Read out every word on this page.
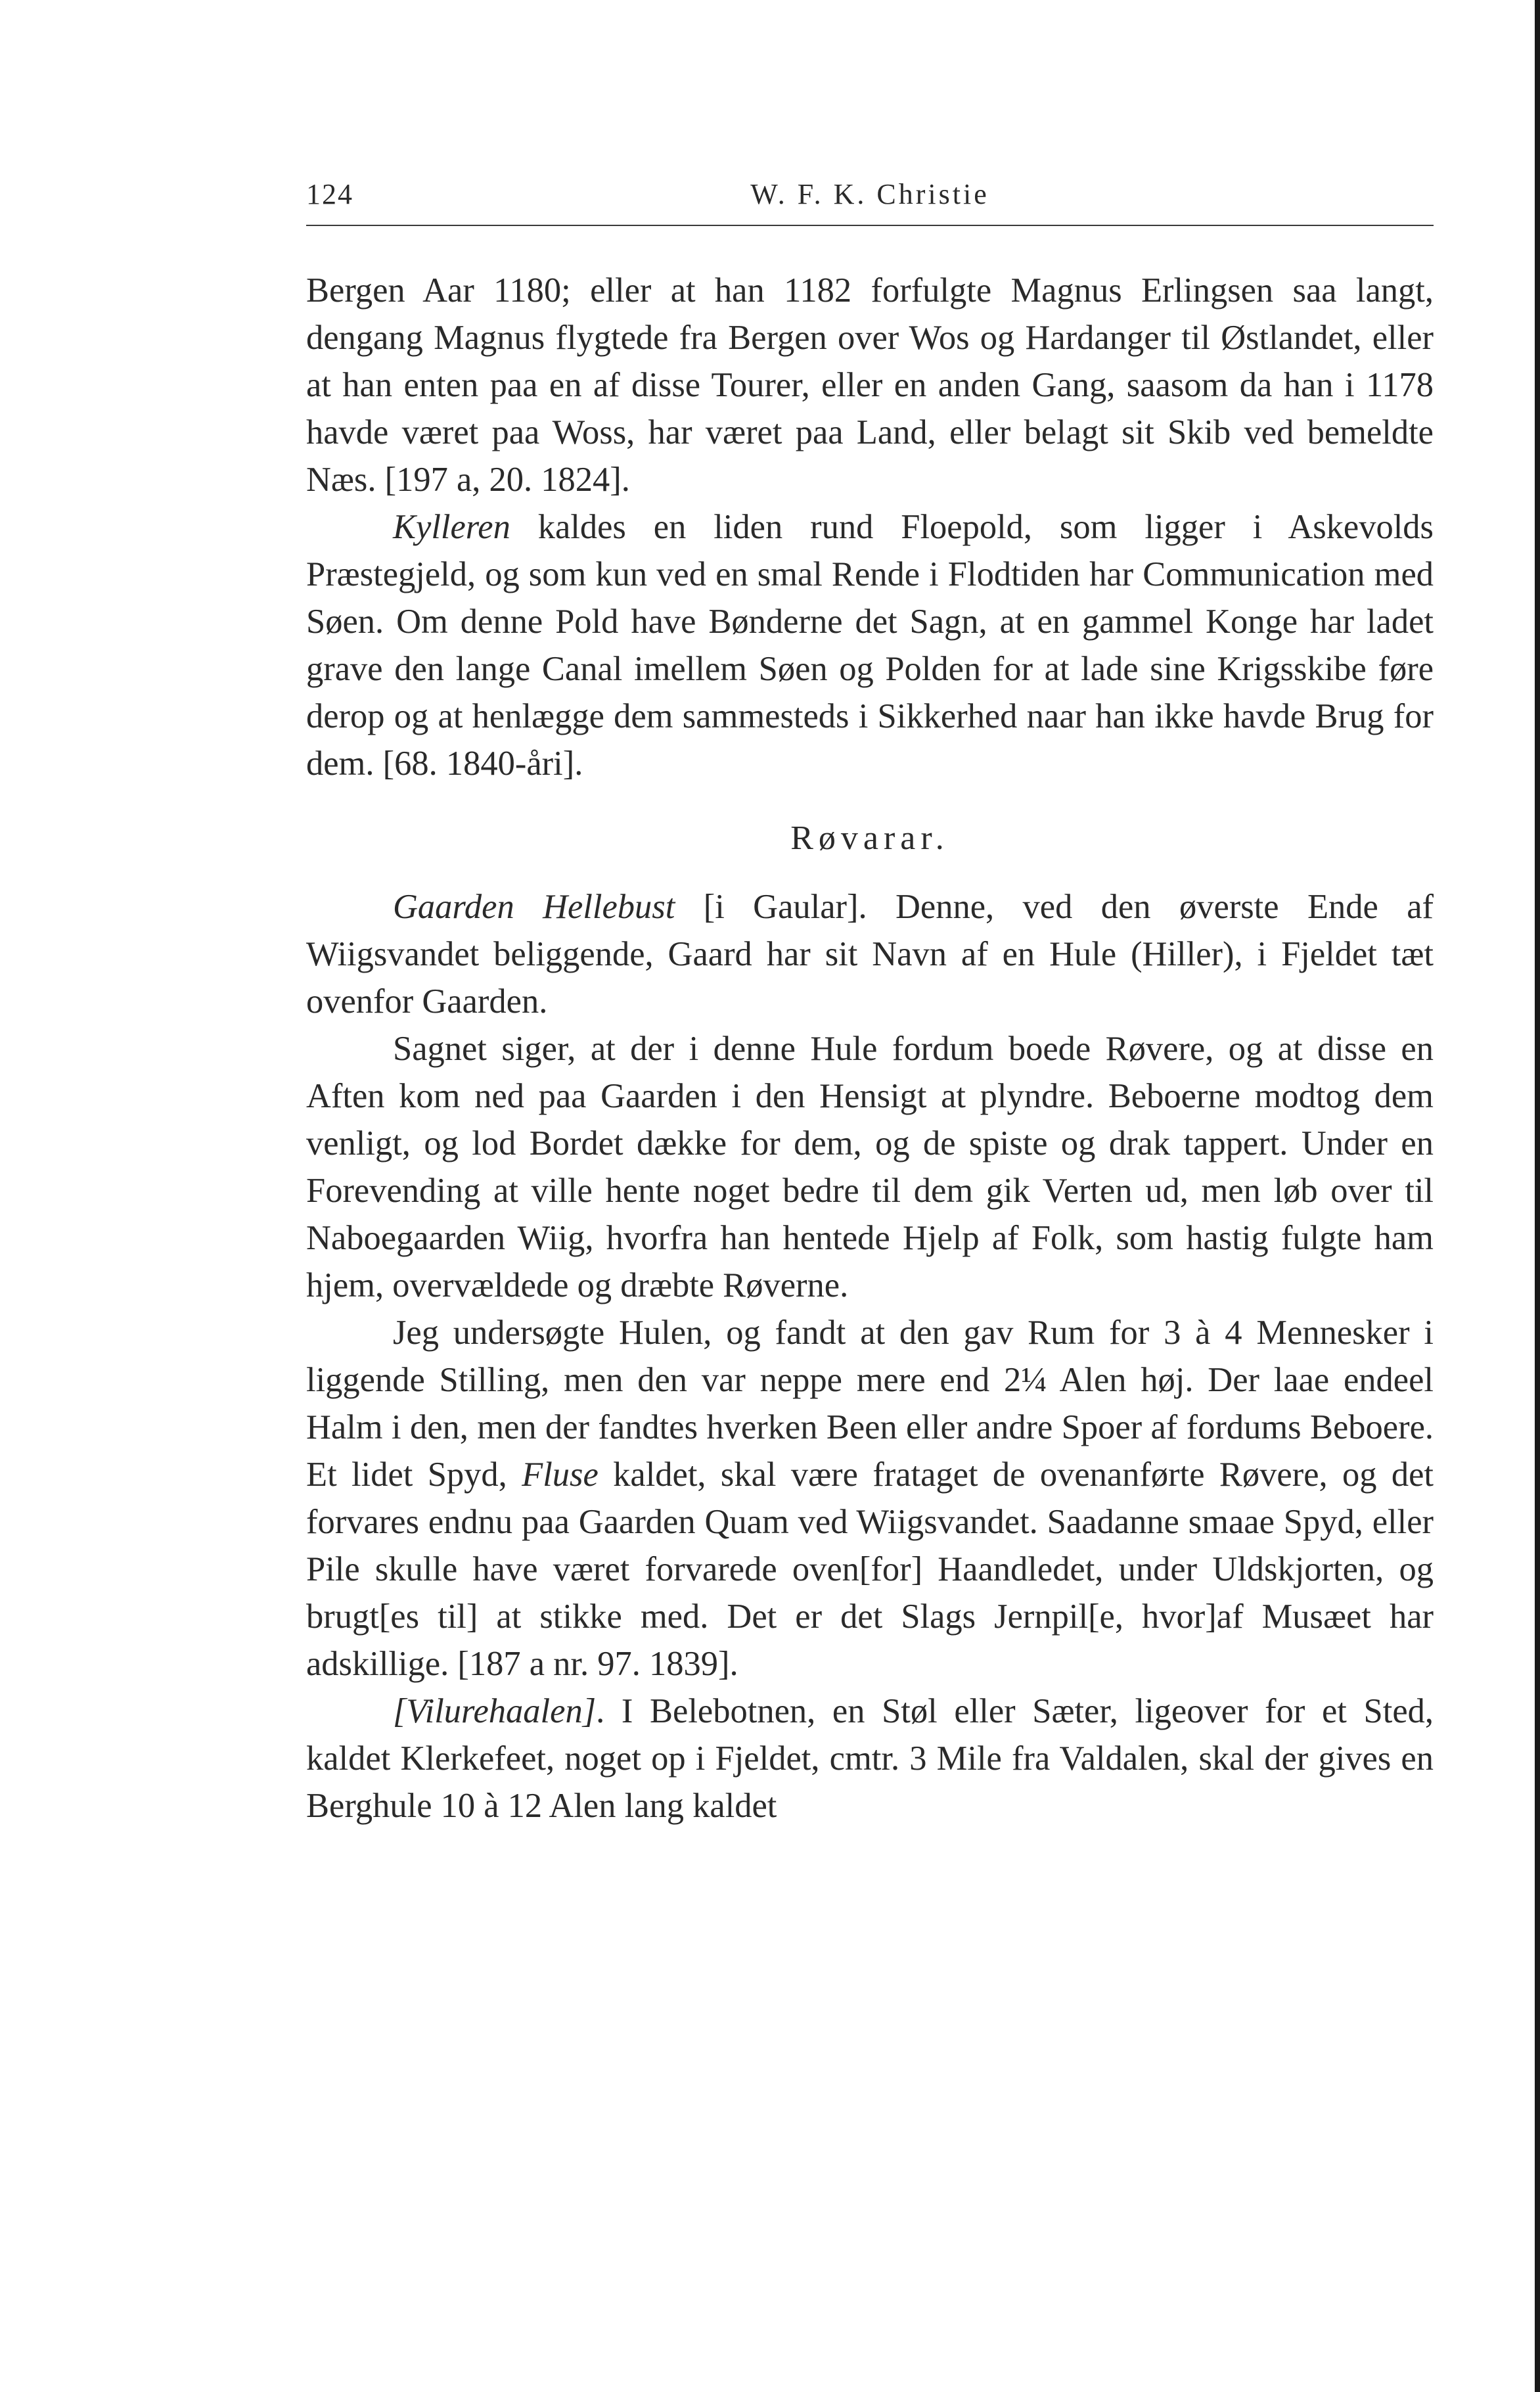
124	W. F. K. Christie

Bergen Aar 1180; eller at han 1182 forfulgte Magnus Erlingsen saa langt, dengang Magnus flygtede fra Bergen over Wos og Hardanger til Østlandet, eller at han enten paa en af disse Tourer, eller en anden Gang, saasom da han i 1178 havde været paa Woss, har været paa Land, eller belagt sit Skib ved bemeldte Næs. [197 a, 20. 1824].

Kylleren kaldes en liden rund Floepold, som ligger i Askevolds Præstegjeld, og som kun ved en smal Rende i Flodtiden har Communication med Søen. Om denne Pold have Bønderne det Sagn, at en gammel Konge har ladet grave den lange Canal imellem Søen og Polden for at lade sine Krigsskibe føre derop og at henlægge dem sammesteds i Sikkerhed naar han ikke havde Brug for dem. [68. 1840-åri].

Røvarar.

Gaarden Hellebust [i Gaular]. Denne, ved den øverste Ende af Wiigsvandet beliggende, Gaard har sit Navn af en Hule (Hiller), i Fjeldet tæt ovenfor Gaarden.

Sagnet siger, at der i denne Hule fordum boede Røvere, og at disse en Aften kom ned paa Gaarden i den Hensigt at plyndre. Beboerne modtog dem venligt, og lod Bordet dække for dem, og de spiste og drak tappert. Under en Forevending at ville hente noget bedre til dem gik Verten ud, men løb over til Naboegaarden Wiig, hvorfra han hentede Hjelp af Folk, som hastig fulgte ham hjem, overvældede og dræbte Røverne.

Jeg undersøgte Hulen, og fandt at den gav Rum for 3 à 4 Mennesker i liggende Stilling, men den var neppe mere end 2¼ Alen høj. Der laae endeel Halm i den, men der fandtes hverken Been eller andre Spoer af fordums Beboere. Et lidet Spyd, Fluse kaldet, skal være frataget de ovenanførte Røvere, og det forvares endnu paa Gaarden Quam ved Wiigsvandet. Saadanne smaae Spyd, eller Pile skulle have været forvarede oven[for] Haandledet, under Uldskjorten, og brugt[es til] at stikke med. Det er det Slags Jernpil[e, hvor]af Musæet har adskillige. [187 a nr. 97. 1839].

[Vilurehaalen]. I Belebotnen, en Støl eller Sæter, ligeover for et Sted, kaldet Klerkefeet, noget op i Fjeldet, cmtr. 3 Mile fra Valdalen, skal der gives en Berghule 10 à 12 Alen lang kaldet
